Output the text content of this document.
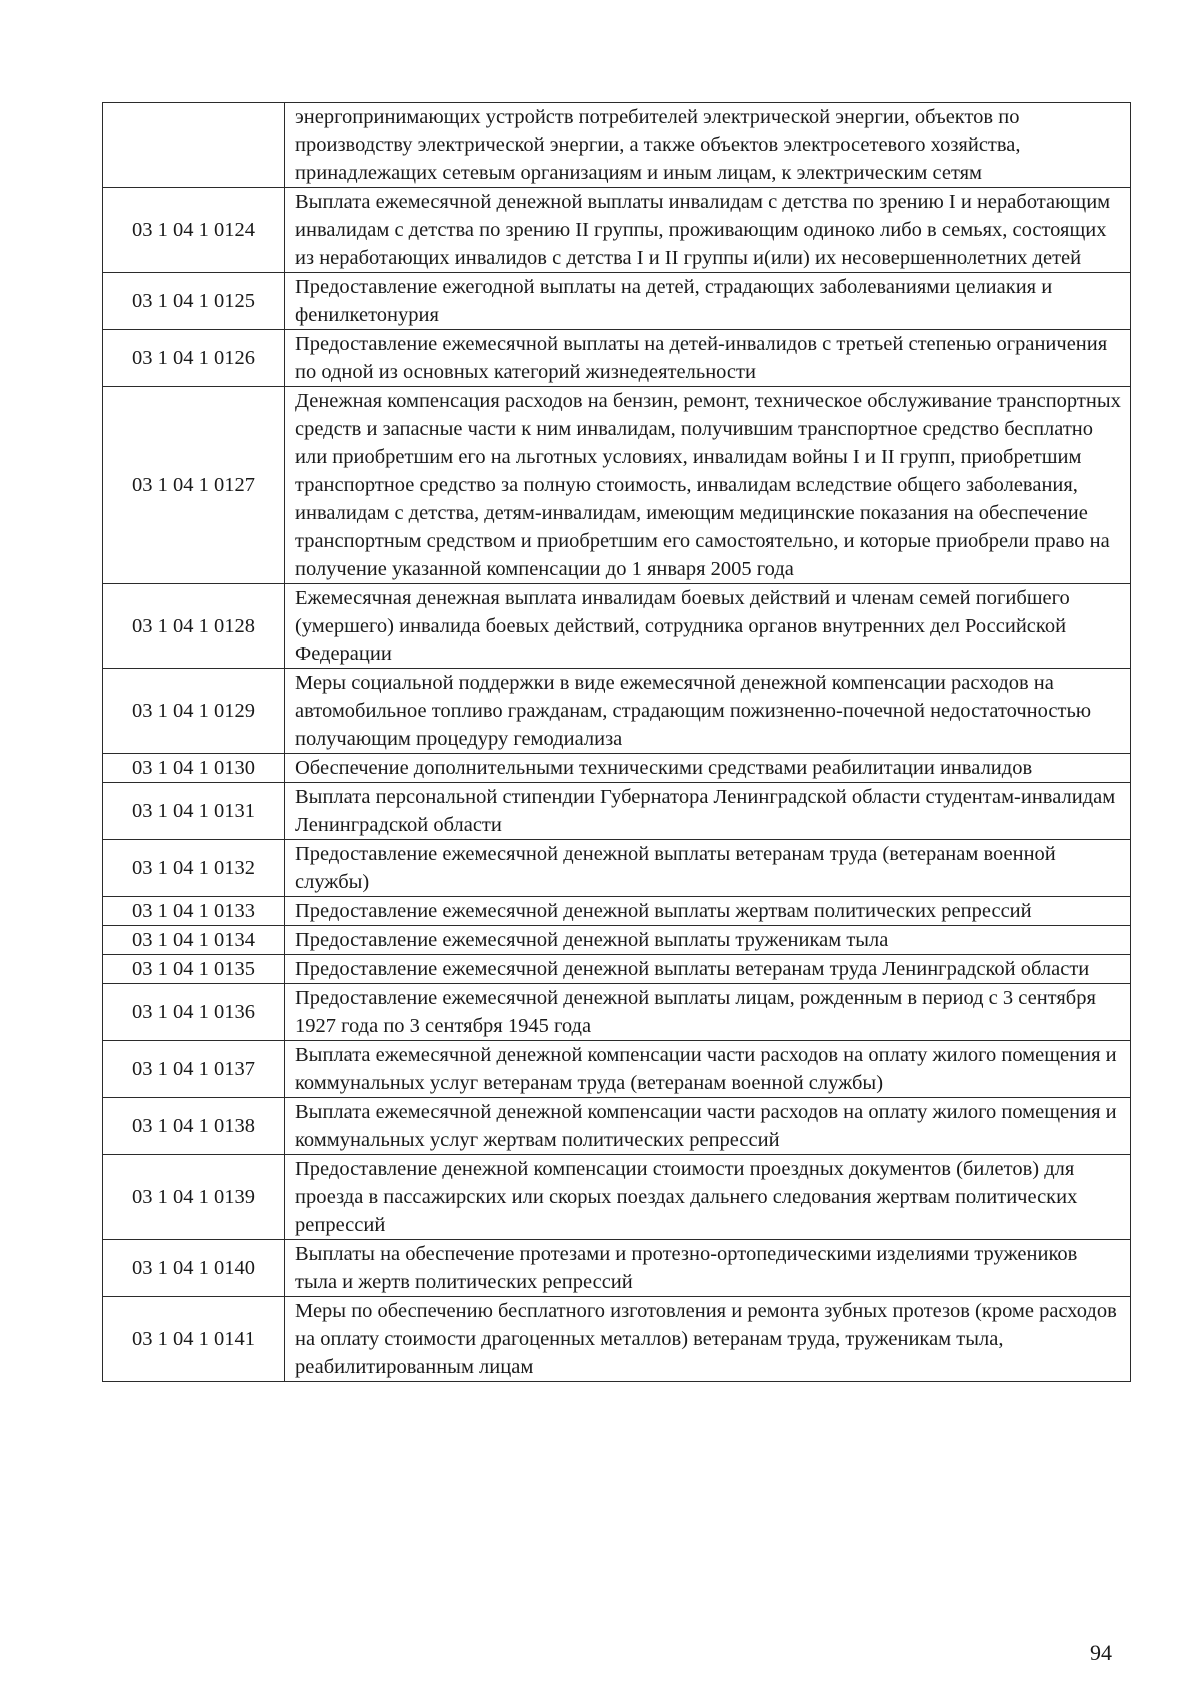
	энергопринимающих устройств потребителей электрической энергии, объектов по производству электрической энергии, а также объектов электросетевого хозяйства, принадлежащих сетевым организациям и иным лицам, к электрическим сетям
03 1 04 1 0124	Выплата ежемесячной денежной выплаты инвалидам с детства по зрению I и неработающим инвалидам с детства по зрению II группы, проживающим одиноко либо в семьях, состоящих из неработающих инвалидов с детства I и II группы и(или) их несовершеннолетних детей
03 1 04 1 0125	Предоставление ежегодной выплаты на детей, страдающих заболеваниями целиакия и фенилкетонурия
03 1 04 1 0126	Предоставление ежемесячной выплаты на детей-инвалидов с третьей степенью ограничения по одной из основных категорий жизнедеятельности
03 1 04 1 0127	Денежная компенсация расходов на бензин, ремонт, техническое обслуживание транспортных средств и запасные части к ним инвалидам, получившим транспортное средство бесплатно или приобретшим его на льготных условиях, инвалидам войны I и II групп, приобретшим транспортное средство за полную стоимость, инвалидам вследствие общего заболевания, инвалидам с детства, детям-инвалидам, имеющим медицинские показания на обеспечение транспортным средством и приобретшим его самостоятельно, и которые приобрели право на получение указанной компенсации до 1 января 2005 года
03 1 04 1 0128	Ежемесячная денежная выплата инвалидам боевых действий и членам семей погибшего (умершего) инвалида боевых действий, сотрудника органов внутренних дел Российской Федерации
03 1 04 1 0129	Меры социальной поддержки в виде ежемесячной денежной компенсации расходов на автомобильное топливо гражданам, страдающим пожизненно-почечной недостаточностью получающим процедуру гемодиализа
03 1 04 1 0130	Обеспечение дополнительными техническими средствами реабилитации инвалидов
03 1 04 1 0131	Выплата персональной стипендии Губернатора Ленинградской области студентам-инвалидам Ленинградской области
03 1 04 1 0132	Предоставление ежемесячной денежной выплаты ветеранам труда (ветеранам военной службы)
03 1 04 1 0133	Предоставление ежемесячной денежной выплаты жертвам политических репрессий
03 1 04 1 0134	Предоставление ежемесячной денежной выплаты труженикам тыла
03 1 04 1 0135	Предоставление ежемесячной денежной выплаты ветеранам труда Ленинградской области
03 1 04 1 0136	Предоставление ежемесячной денежной выплаты лицам, рожденным в период с 3 сентября 1927 года по 3 сентября 1945 года
03 1 04 1 0137	Выплата ежемесячной денежной компенсации части расходов на оплату жилого помещения и коммунальных услуг ветеранам труда (ветеранам военной службы)
03 1 04 1 0138	Выплата ежемесячной денежной компенсации части расходов на оплату жилого помещения и коммунальных услуг жертвам политических репрессий
03 1 04 1 0139	Предоставление денежной компенсации стоимости проездных документов (билетов) для проезда в пассажирских или скорых поездах дальнего следования жертвам политических репрессий
03 1 04 1 0140	Выплаты на обеспечение протезами и протезно-ортопедическими изделиями тружеников тыла и жертв политических репрессий
03 1 04 1 0141	Меры по обеспечению бесплатного изготовления и ремонта зубных протезов (кроме расходов на оплату стоимости драгоценных металлов) ветеранам труда, труженикам тыла, реабилитированным лицам
94
